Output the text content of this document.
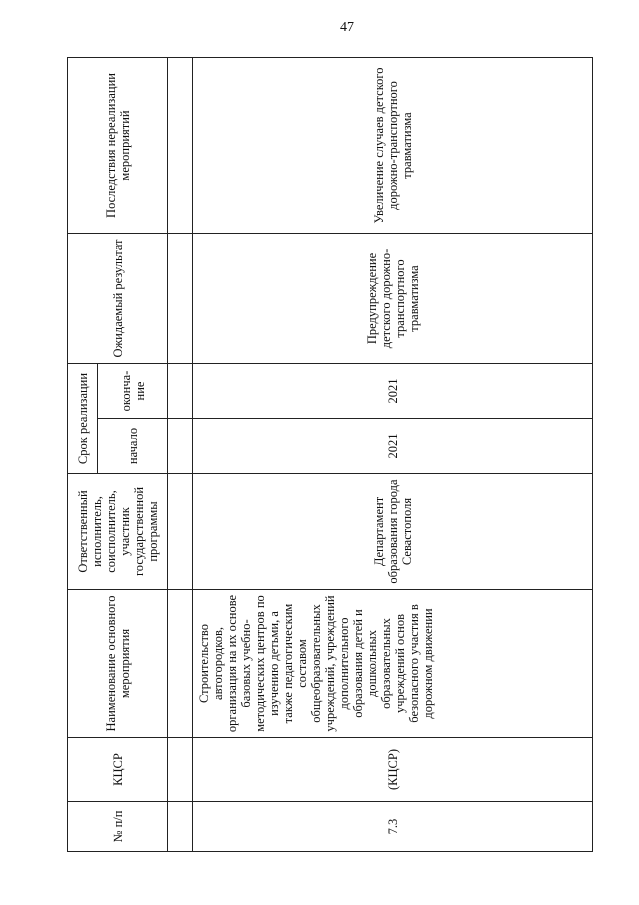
47
№ п/п	КЦСР	Наименование основного мероприятия	Ответственный исполнитель, соисполнитель, участник государственной программы	Срок реализации		Ожидаемый результат	Последствия нереализации мероприятий
				начало	оконча-ние		

7.3	(КЦСР)	Строительство автогородков, организация на их основе базовых учебно-методических центров по изучению детьми, а также педагогическим составом общеобразовательных учреждений, учреждений дополнительного образования детей и дошкольных образовательных учреждений основ безопасного участия в дорожном движении	Департамент образования города Севастополя	2021	2021	Предупреждение детского дорожно-транспортного травматизма	Увеличение случаев детского дорожно-транспортного травматизма
